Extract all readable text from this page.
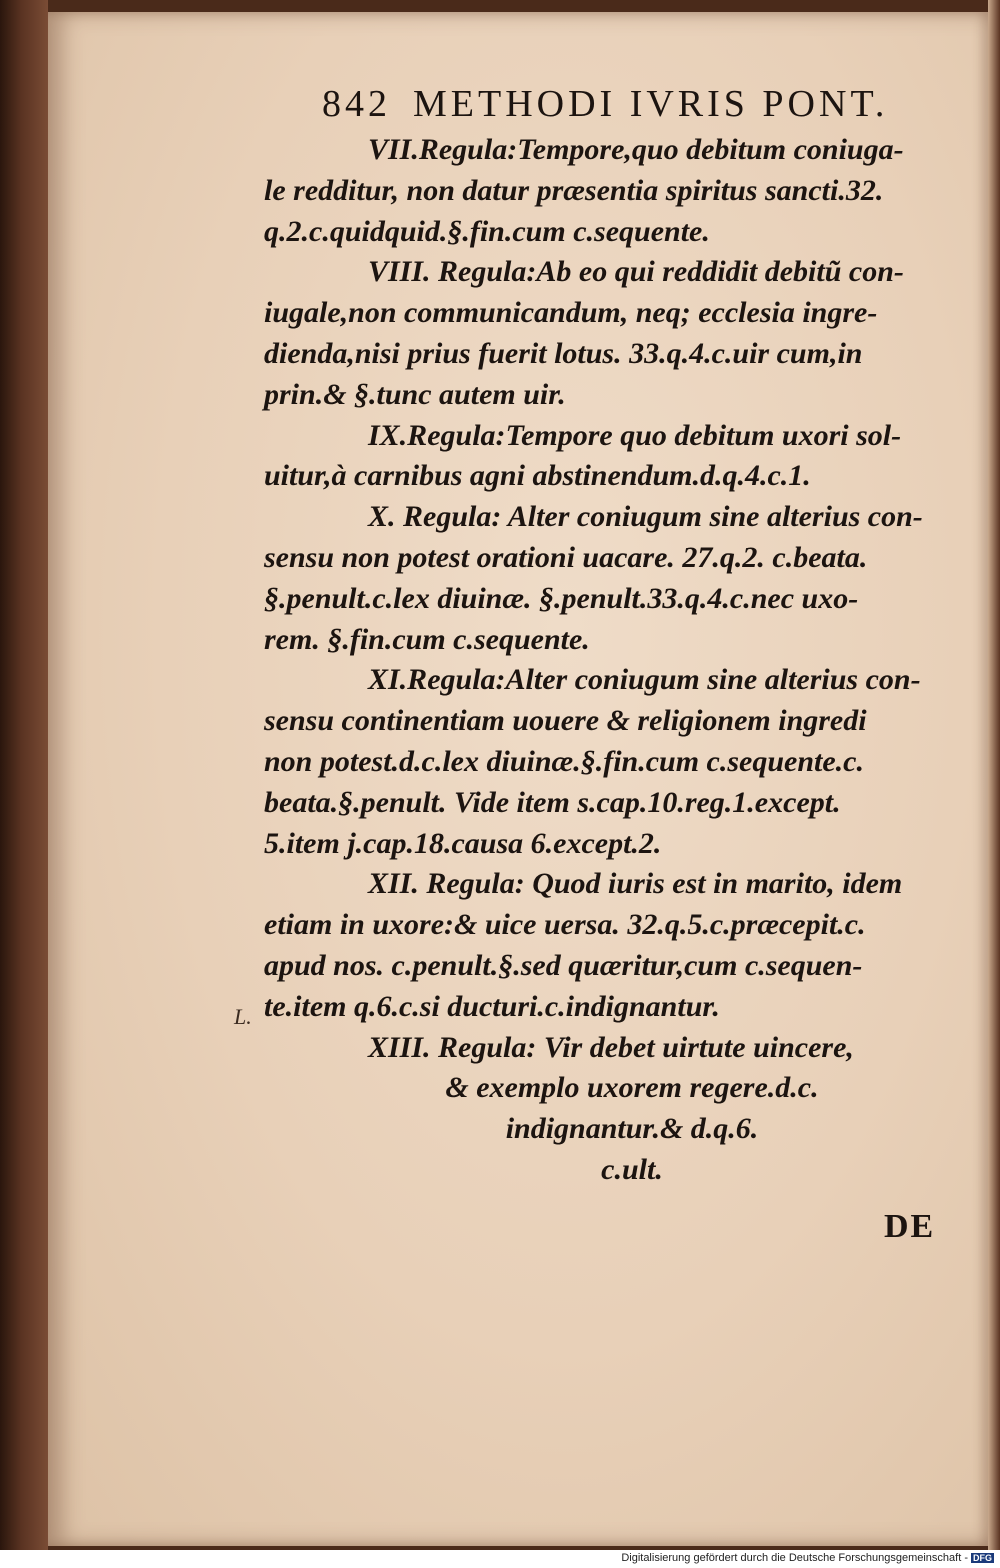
842 METHODI IVRIS PONT.
L.

VII.Regula:Tempore,quo debitum coniuga-
le redditur, non datur præsentia spiritus sancti.32.
q.2.c.quidquid.§.fin.cum c.sequente.

VIII. Regula:Ab eo qui reddidit debitũ con-
iugale,non communicandum, neq; ecclesia ingre-
dienda,nisi prius fuerit lotus. 33.q.4.c.uir cum,in
prin.& §.tunc autem uir.

IX.Regula:Tempore quo debitum uxori sol-
uitur,à carnibus agni abstinendum.d.q.4.c.1.

X. Regula: Alter coniugum sine alterius con-
sensu non potest orationi uacare. 27.q.2. c.beata.
§.penult.c.lex diuinæ. §.penult.33.q.4.c.nec uxo-
rem. §.fin.cum c.sequente.

XI.Regula:Alter coniugum sine alterius con-
sensu continentiam uouere & religionem ingredi
non potest.d.c.lex diuinæ.§.fin.cum c.sequente.c.
beata.§.penult. Vide item s.cap.10.reg.1.except.
5.item j.cap.18.causa 6.except.2.

XII. Regula: Quod iuris est in marito, idem
etiam in uxore:& uice uersa. 32.q.5.c.præcepit.c.
apud nos. c.penult.§.sed quæritur,cum c.sequen-
te.item q.6.c.si ducturi.c.indignantur.

XIII. Regula: Vir debet uirtute uincere,

& exemplo uxorem regere.d.c.
indignantur.& d.q.6.
c.ult.

DE
Digitalisierung gefördert durch die Deutsche Forschungsgemeinschaft - DFG
